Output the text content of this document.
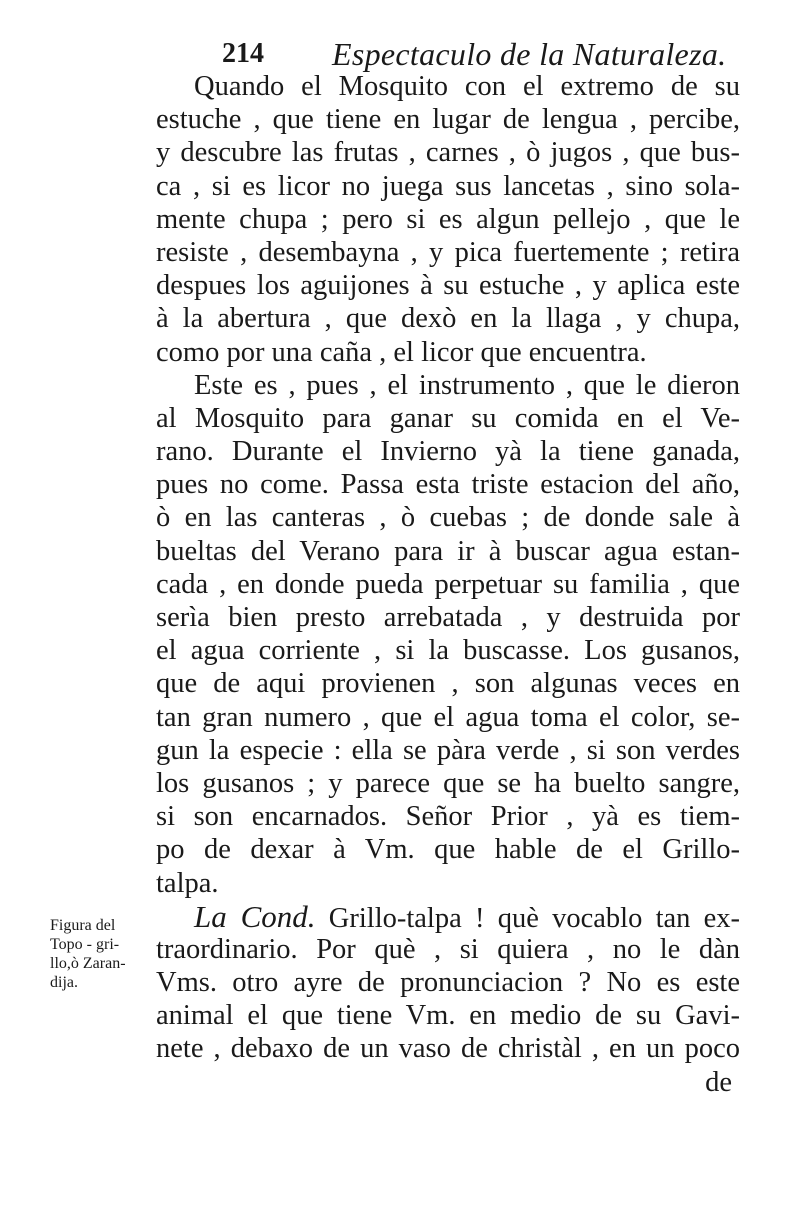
214 Espectaculo de la Naturaleza.
Quando el Mosquito con el extremo de su
estuche , que tiene en lugar de lengua , percibe,
y descubre las frutas , carnes , ò jugos , que bus-
ca , si es licor no juega sus lancetas , sino sola-
mente chupa ; pero si es algun pellejo , que le
resiste , desembayna , y pica fuertemente ; retira
despues los aguijones à su estuche , y aplica este
à la abertura , que dexò en la llaga , y chupa,
como por una caña , el licor que encuentra.
Este es , pues , el instrumento , que le dieron
al Mosquito para ganar su comida en el Ve-
rano. Durante el Invierno yà la tiene ganada,
pues no come. Passa esta triste estacion del año,
ò en las canteras , ò cuebas ; de donde sale à
bueltas del Verano para ir à buscar agua estan-
cada , en donde pueda perpetuar su familia , que
serìa bien presto arrebatada , y destruida por
el agua corriente , si la buscasse. Los gusanos,
que de aqui provienen , son algunas veces en
tan gran numero , que el agua toma el color, se-
gun la especie : ella se pàra verde , si son verdes
los gusanos ; y parece que se ha buelto sangre,
si son encarnados. Señor Prior , yà es tiem-
po de dexar à Vm. que hable de el Grillo-
talpa.
La Cond. Grillo-talpa ! què vocablo tan ex-
traordinario. Por què , si quiera , no le dàn
Vms. otro ayre de pronunciacion ? No es este
animal el que tiene Vm. en medio de su Gavi-
nete , debaxo de un vaso de christàl , en un poco
de
Figura del
Topo - gri-
llo,ò Zaran-
dija.
